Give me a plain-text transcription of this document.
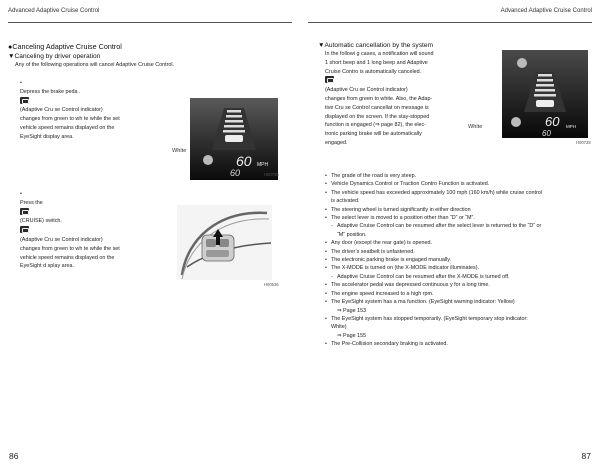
Advanced Adaptive Cruise Control
●Canceling Adaptive Cruise Control
▼Canceling by driver operation
Any of the following operations will cancel Adaptive Cruise Control.
•
Depress the brake peda .

(Adaptive Cru se Control indicator)
changes from green to wh te while the set
vehicle speed remains displayed on the
EyeSight display area.
60 MPH
60
White
H00735
•
Press the
(CRUISE) switch.

(Adaptive Cru se Control indicator)
changes from green to wh te while the set
vehicle speed remains displayed on the
EyeSight d splay area.
H00536
86
Advanced Adaptive Cruise Control
▼Automatic cancellation by the system
In the followi g cases, a notification will sound
1 short beep and 1 long beep and Adaptive
Cruise Contro is automatically canceled.

(Adaptive Cru se Control indicator)
changes from green to white. Also, the Adap-
tive Cru se Control cancellat on message is
displayed on the screen. If the stay-stopped
function is engaged (⇒ page 82), the elec-
tronic parking brake will be automatically
engaged.
60 MPH
60
White
H00738
87
• The grade of the road is very steep.
• Vehicle Dynamics Control or Traction Contro Function is activated.
• The vehicle speed has exceeded approximately 100 mph (160 km/h) while cruise control
is activated.
• The steering wheel is turned significantly in either direction
• The select lever is moved to a position other than “D” or “M”.
- Adaptive Cruise Control can be resumed after the select lever is returned to the “D” or
“M” position.
• Any door (except the rear gate) is opened.
• The driver’s seatbelt is unfastened.
• The electronic parking brake is engaged manually.
• The X-MODE is turned on (the X-MODE indicator illuminates).
- Adaptive Cruise Control can be resumed after the X-MODE is turned off.
• The accelerator pedal was depressed continuous y for a long time.
• The engine speed increased to a high rpm.
• The EyeSight system has a ma function. (EyeSight warning indicator: Yellow)
⇒ Page 153
• The EyeSight system has stopped temporarily. (EyeSight temporary stop indicator:
White)
⇒ Page 155
• The Pre-Collision secondary braking is activated.
